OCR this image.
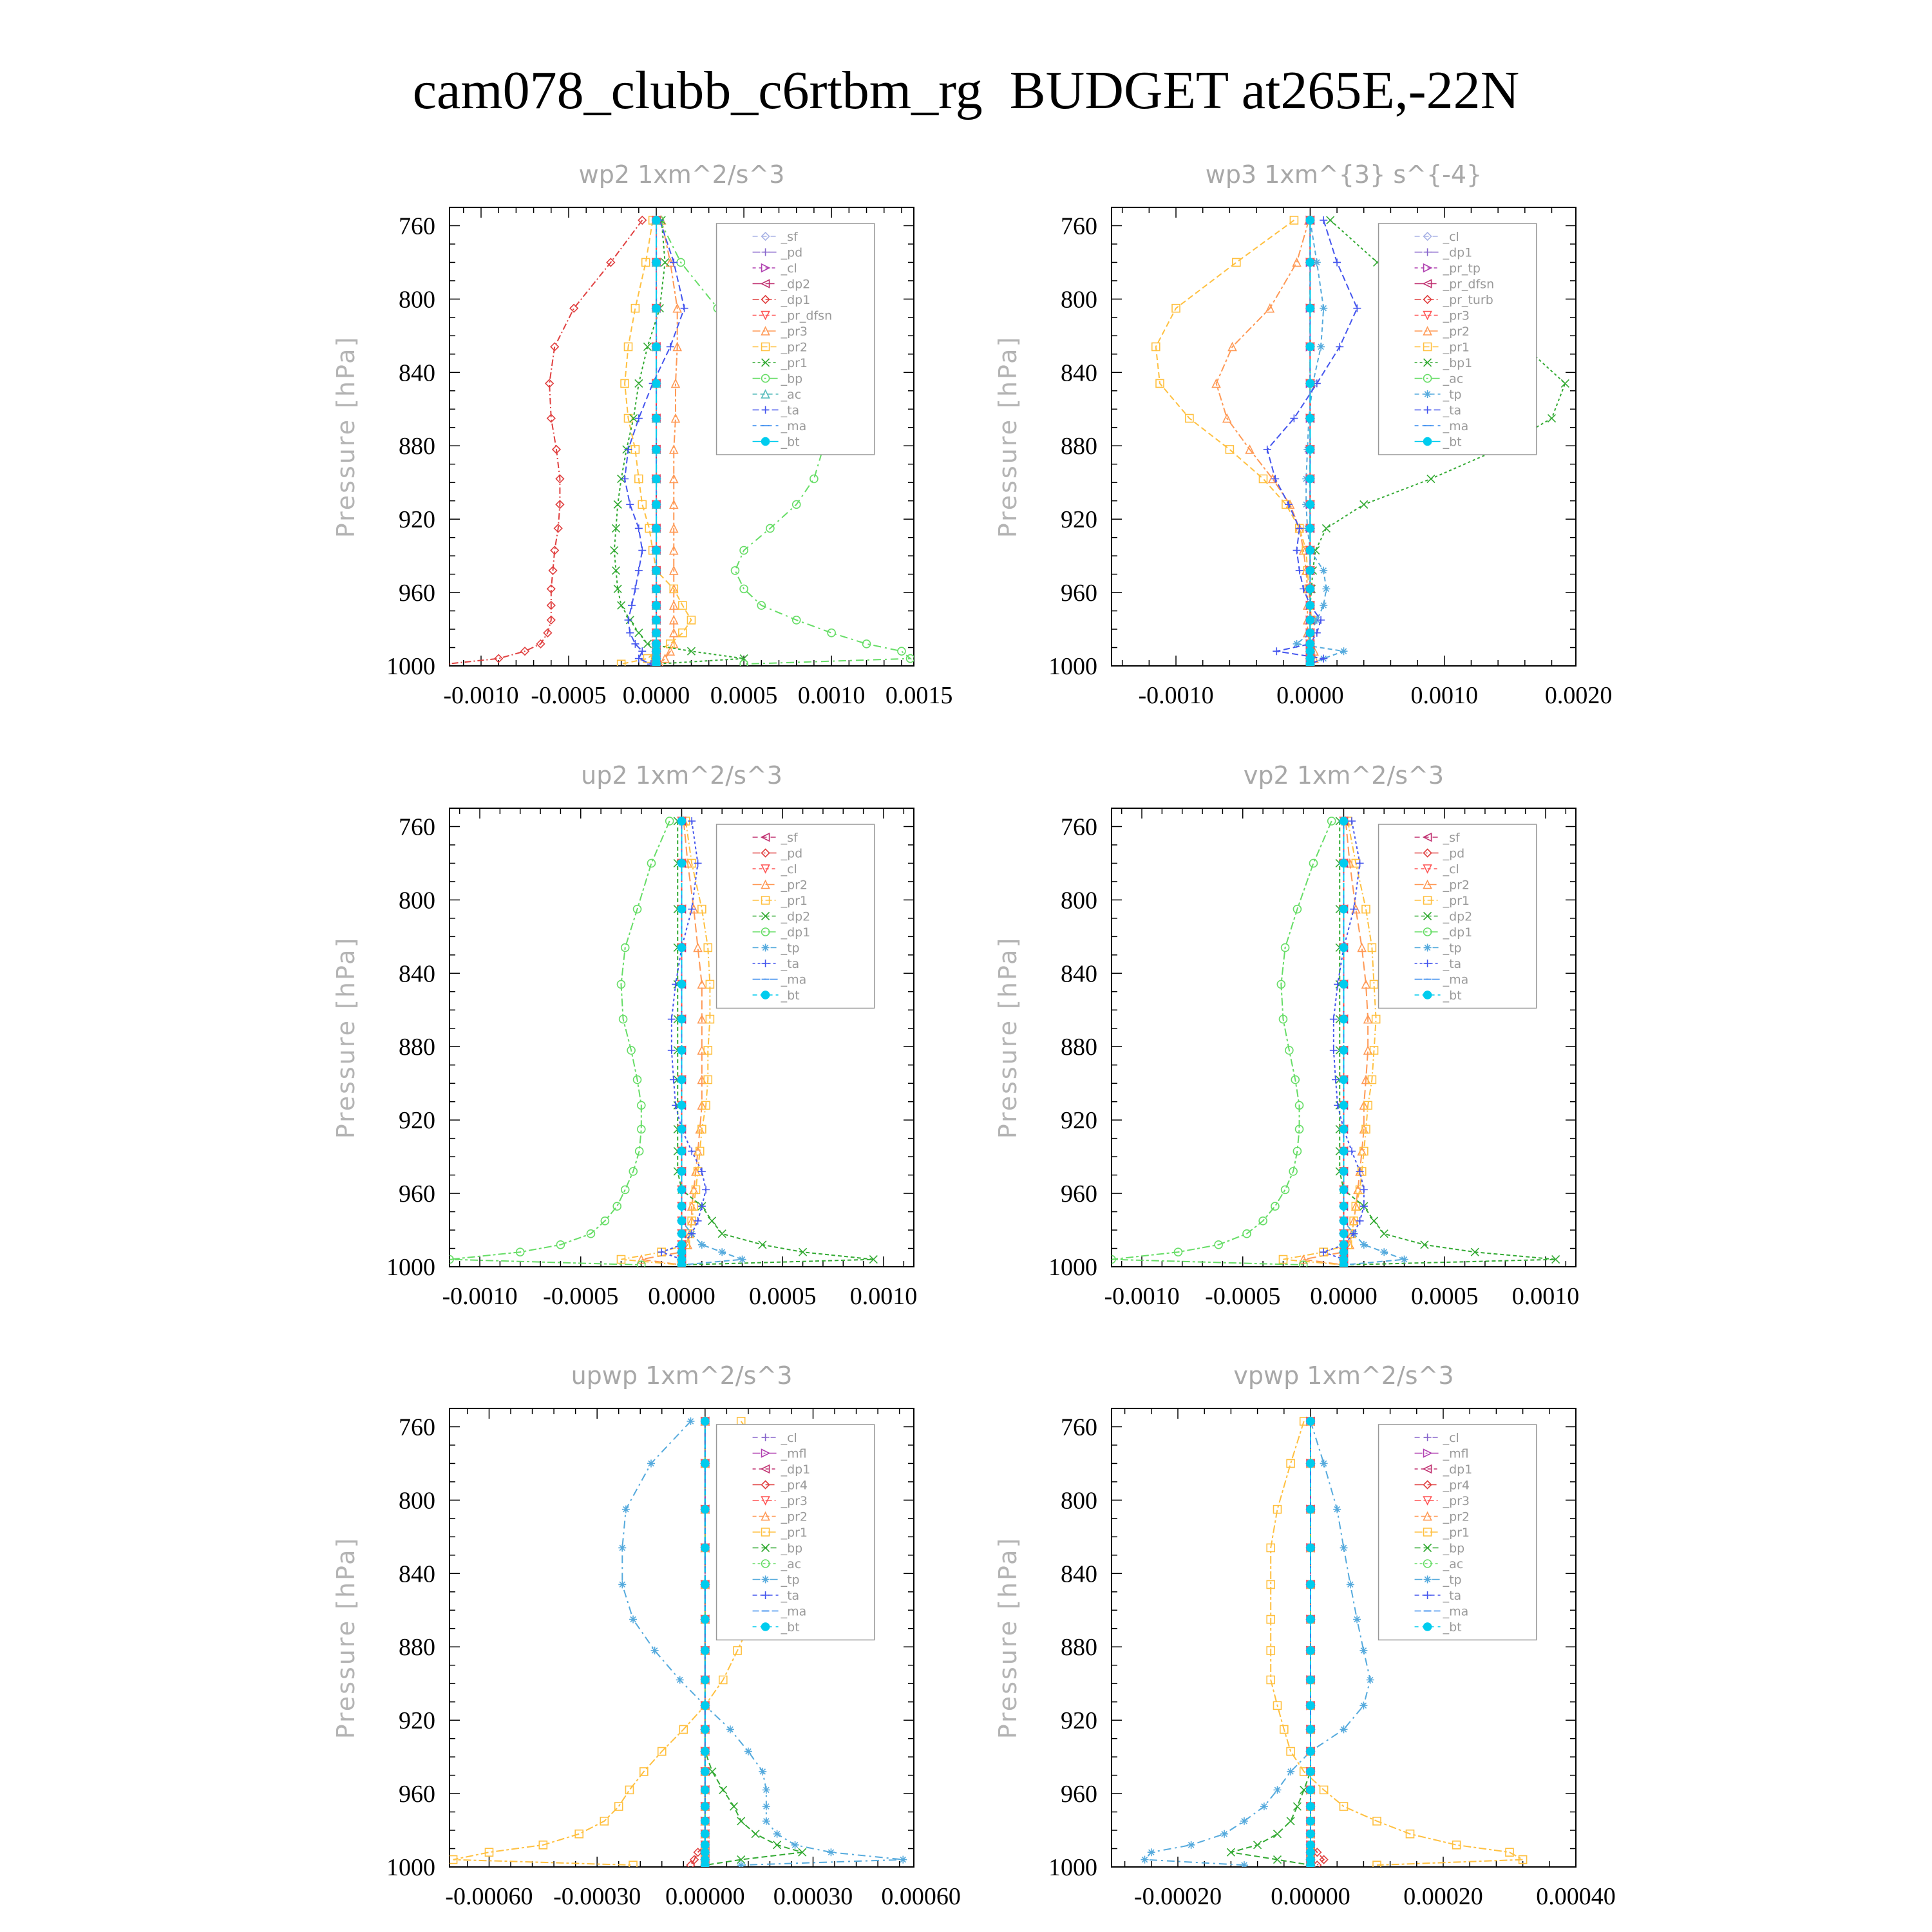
cam078_clubb_c6rtbm_rg  BUDGET at265E,-22N
wp2 1xm^2/s^3
Pressure [hPa]
760
800
840
880
920
960
1000
-0.0010 -0.0005 0.0000 0.0005 0.0010 0.0015
_sf
_pd
_cl
_dp2
_dp1
_pr_dfsn
_pr3
_pr2
_pr1
_bp
_ac
_ta
_ma
_bt
wp3 1xm^{3} s^{-4}
Pressure [hPa]
760
800
840
880
920
960
1000
-0.0010	0.0000	0.0010	0.0020
_cl
_dp1
_pr_tp
_pr_dfsn
_pr_turb
_pr3
_pr2
_pr1
_bp1
_ac
_tp
_ta
_ma
_bt
up2 1xm^2/s^3
Pressure [hPa]
760
800
840
880
920
960
1000
-0.0010 -0.0005 0.0000 0.0005 0.0010
_sf
_pd
_cl
_pr2
_pr1
_dp2
_dp1
_tp
_ta
_ma
_bt
vp2 1xm^2/s^3
Pressure [hPa]
760
800
840
880
920
960
1000
-0.0010 -0.0005 0.0000 0.0005 0.0010
_sf
_pd
_cl
_pr2
_pr1
_dp2
_dp1
_tp
_ta
_ma
_bt
upwp 1xm^2/s^3
Pressure [hPa]
760
800
840
880
920
960
1000
-0.00060 -0.00030 0.00000 0.00030 0.00060
_cl
_mfl
_dp1
_pr4
_pr3
_pr2
_pr1
_bp
_ac
_tp
_ta
_ma
_bt
vpwp 1xm^2/s^3
Pressure [hPa]
760
800
840
880
920
960
1000
-0.00020 0.00000 0.00020 0.00040
_cl
_mfl
_dp1
_pr4
_pr3
_pr2
_pr1
_bp
_ac
_tp
_ta
_ma
_bt
